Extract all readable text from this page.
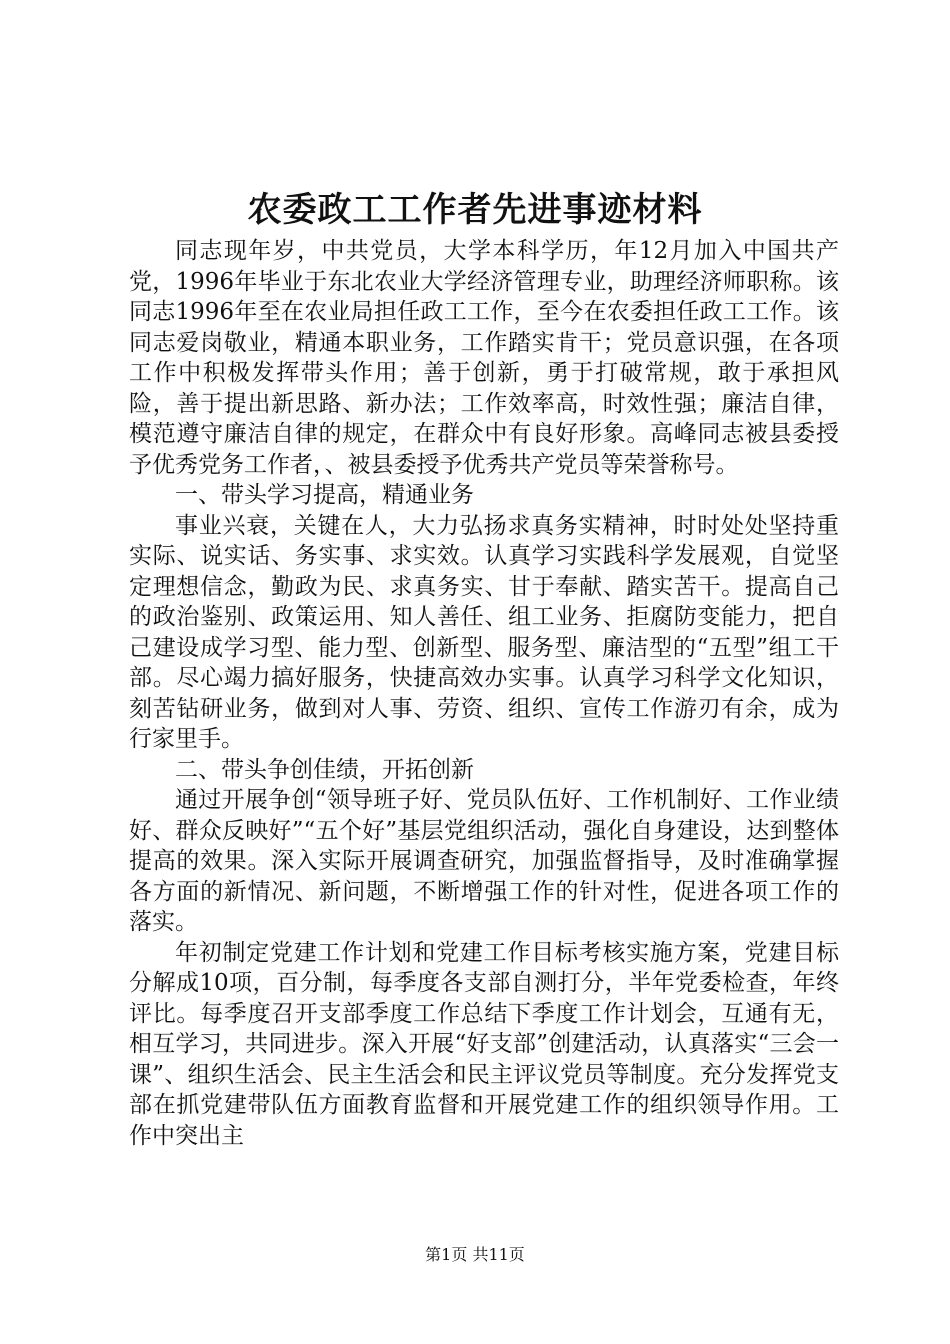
农委政工工作者先进事迹材料

同志现年岁，中共党员，大学本科学历，年12月加入中国共产党，1996年毕业于东北农业大学经济管理专业，助理经济师职称。该同志1996年至在农业局担任政工工作，至今在农委担任政工工作。该同志爱岗敬业，精通本职业务，工作踏实肯干；党员意识强，在各项工作中积极发挥带头作用；善于创新，勇于打破常规，敢于承担风险，善于提出新思路、新办法；工作效率高，时效性强；廉洁自律，模范遵守廉洁自律的规定，在群众中有良好形象。高峰同志被县委授予优秀党务工作者，、被县委授予优秀共产党员等荣誉称号。

一、带头学习提高，精通业务

事业兴衰，关键在人，大力弘扬求真务实精神，时时处处坚持重实际、说实话、务实事、求实效。认真学习实践科学发展观，自觉坚定理想信念，勤政为民、求真务实、甘于奉献、踏实苦干。提高自己的政治鉴别、政策运用、知人善任、组工业务、拒腐防变能力，把自己建设成学习型、能力型、创新型、服务型、廉洁型的“五型”组工干部。尽心竭力搞好服务，快捷高效办实事。认真学习科学文化知识，刻苦钻研业务，做到对人事、劳资、组织、宣传工作游刃有余，成为行家里手。

二、带头争创佳绩，开拓创新

通过开展争创“领导班子好、党员队伍好、工作机制好、工作业绩好、群众反映好”“五个好”基层党组织活动，强化自身建设，达到整体提高的效果。深入实际开展调查研究，加强监督指导，及时准确掌握各方面的新情况、新问题，不断增强工作的针对性，促进各项工作的落实。

年初制定党建工作计划和党建工作目标考核实施方案，党建目标分解成10项，百分制，每季度各支部自测打分，半年党委检查，年终评比。每季度召开支部季度工作总结下季度工作计划会，互通有无，相互学习，共同进步。深入开展“好支部”创建活动，认真落实“三会一课”、组织生活会、民主生活会和民主评议党员等制度。充分发挥党支部在抓党建带队伍方面教育监督和开展党建工作的组织领导作用。工作中突出主

第1页 共11页
